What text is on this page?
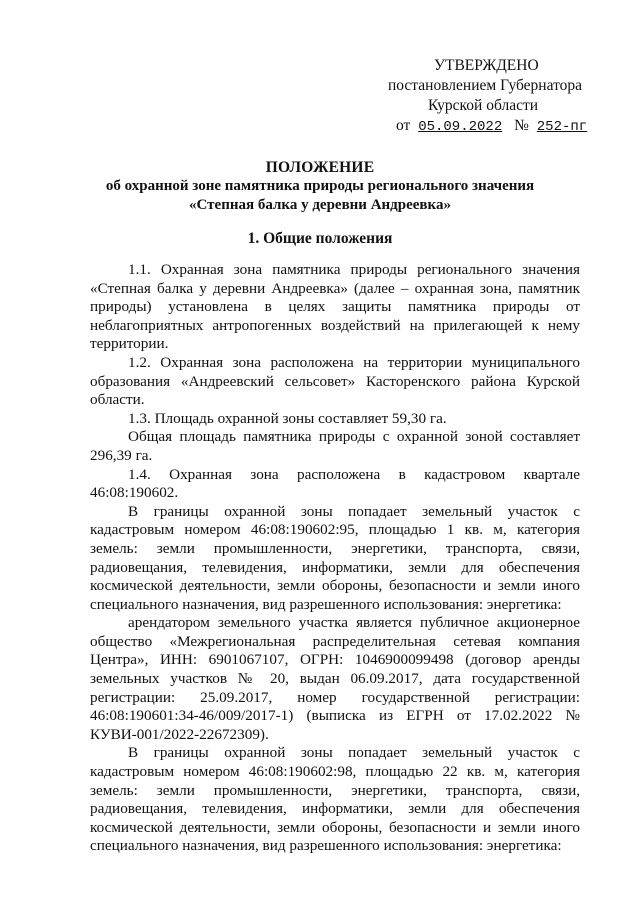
УТВЕРЖДЕНО
постановлением Губернатора
Курской области
от 05.09.2022 № 252-пг
ПОЛОЖЕНИЕ
об охранной зоне памятника природы регионального значения
«Степная балка у деревни Андреевка»
1. Общие положения

1.1. Охранная зона памятника природы регионального значения «Степная балка у деревни Андреевка» (далее – охранная зона, памятник природы) установлена в целях защиты памятника природы от неблагоприятных антропогенных воздействий на прилегающей к нему территории.

1.2. Охранная зона расположена на территории муниципального образования «Андреевский сельсовет» Касторенского района Курской области.

1.3. Площадь охранной зоны составляет 59,30 га.

Общая площадь памятника природы с охранной зоной составляет 296,39 га.

1.4. Охранная зона расположена в кадастровом квартале 46:08:190602.

В границы охранной зоны попадает земельный участок с кадастровым номером 46:08:190602:95, площадью 1 кв. м, категория земель: земли промышленности, энергетики, транспорта, связи, радиовещания, телевидения, информатики, земли для обеспечения космической деятельности, земли обороны, безопасности и земли иного специального назначения, вид разрешенного использования: энергетика:

арендатором земельного участка является публичное акционерное общество «Межрегиональная распределительная сетевая компания Центра», ИНН: 6901067107, ОГРН: 1046900099498 (договор аренды земельных участков № 20, выдан 06.09.2017, дата государственной регистрации: 25.09.2017, номер государственной регистрации: 46:08:190601:34-46/009/2017-1) (выписка из ЕГРН от 17.02.2022 № КУВИ-001/2022-22672309).

В границы охранной зоны попадает земельный участок с кадастровым номером 46:08:190602:98, площадью 22 кв. м, категория земель: земли промышленности, энергетики, транспорта, связи, радиовещания, телевидения, информатики, земли для обеспечения космической деятельности, земли обороны, безопасности и земли иного специального назначения, вид разрешенного использования: энергетика:
